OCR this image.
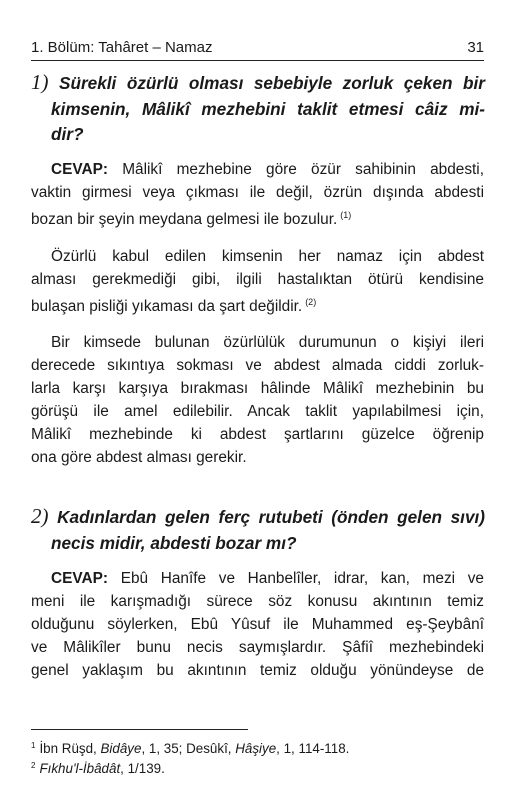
1. Bölüm: Tahâret – Namaz	31
1) Sürekli özürlü olması sebebiyle zorluk çeken bir
kimsenin, Mâlikî mezhebini taklit etmesi câiz mi-
dir?
CEVAP: Mâlikî mezhebine göre özür sahibinin abdesti,
vaktin girmesi veya çıkması ile değil, özrün dışında abdesti
bozan bir şeyin meydana gelmesi ile bozulur. $^{(1)}$
Özürlü kabul edilen kimsenin her namaz için abdest
alması gerekmediği gibi, ilgili hastalıktan ötürü kendisine
bulaşan pisliği yıkaması da şart değildir. $^{(2)}$
Bir kimsede bulunan özürlülük durumunun o kişiyi ileri
derecede sıkıntıya sokması ve abdest almada ciddi zorluk-
larla karşı karşıya bırakması hâlinde Mâlikî mezhebinin bu
görüşü ile amel edilebilir. Ancak taklit yapılabilmesi için,
Mâlikî mezhebinde ki abdest şartlarını güzelce öğrenip
ona göre abdest alması gerekir.
2) Kadınlardan gelen ferç rutubeti (önden gelen sıvı)
necis midir, abdesti bozar mı?
CEVAP: Ebû Hanîfe ve Hanbelîler, idrar, kan, mezi ve
meni ile karışmadığı sürece söz konusu akıntının temiz
olduğunu söylerken, Ebû Yûsuf ile Muhammed eş-Şeybânî
ve Mâlikîler bunu necis saymışlardır. Şâfiî mezhebindeki
genel yaklaşım bu akıntının temiz olduğu yönündeyse de
$^1$ İbn Rüşd, Bidâye, 1, 35; Desûkî, Hâşiye, 1, 114-118.
$^2$ Fıkhu'l-İbâdât, 1/139.
